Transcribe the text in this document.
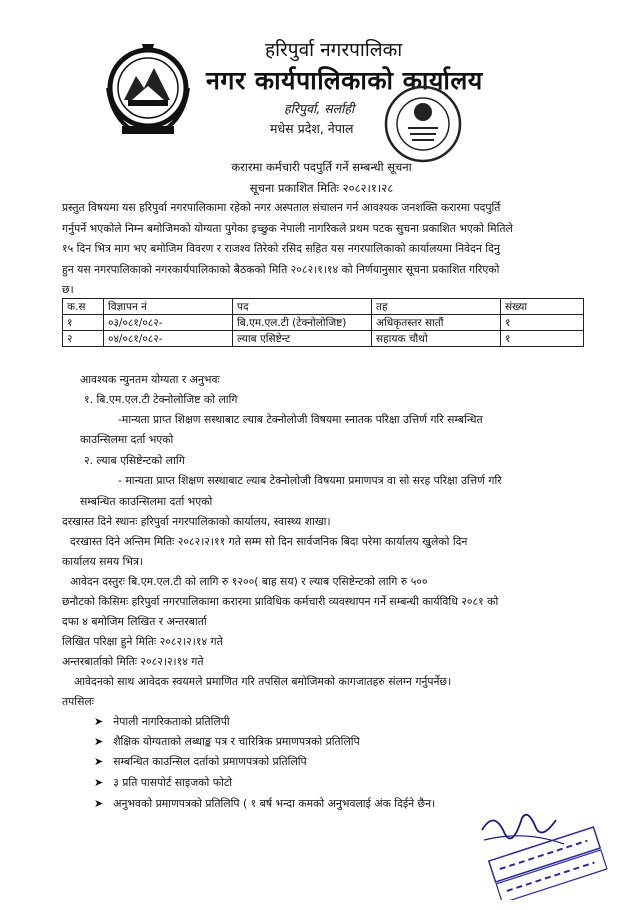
हरिपुर्वा नगरपालिका
नगर कार्यपालिकाको कार्यालय
हरिपुर्वा, सर्लाही
मधेस प्रदेश, नेपाल
करारमा कर्मचारी पदपुर्ति गर्ने सम्बन्धी सूचना
सूचना प्रकाशित मितिः २०८२।१।२८
प्रस्तुत विषयमा यस हरिपुर्वा नगरपालिकामा रहेको नगर अस्पताल संचालन गर्न आवश्यक जनशक्ति करारमा पदपुर्ति
गर्नुपर्ने भएकोले निम्न बमोजिमको योग्यता पुगेका इच्छुक नेपाली नागरिकले प्रथम पटक सुचना प्रकाशित भएको मितिले
१५ दिन भित्र माग भए बमोजिम विवरण र राजश्व तिरेको रसिद सहित यस नगरपालिकाको कार्यालयमा निवेदन दिनु
हुन यस नगरपालिकाको नगरकार्यपालिकाको बैठकको मिति २०८२।१।१४ को निर्णयानुसार सूचना प्रकाशित गरिएको
छ।
क.स	विज्ञापन नं	पद	तह	संख्या
१	०३/०८१/०८२-	बि.एम.एल.टी (टेक्नोलोजिष्ट)	अधिकृतस्तर सातौं	१
२	०४/०८१/०८२-	ल्याब एसिष्टेन्ट	सहायक चौथो	१
आवश्यक न्युनतम योग्यता र अनुभवः
१. बि.एम.एल.टी टेक्नोलोजिष्ट को लागि
-मान्यता प्राप्त शिक्षण सस्थाबाट ल्याब टेक्नोलोजी विषयमा स्नातक परिक्षा उत्तिर्ण गरि सम्बन्धित
काउन्सिलमा दर्ता भएको
२. ल्याब एसिष्टेन्टको लागि
- मान्यता प्राप्त शिक्षण सस्थाबाट ल्याब टेक्नोलोजी विषयमा प्रमाणपत्र वा सो सरह परिक्षा उत्तिर्ण गरि
सम्बन्धित काउन्सिलमा दर्ता भएको
दरखास्त दिने स्थानः हरिपुर्वा नगरपालिकाको कार्यालय, स्वास्थ्य शाखा।
दरखास्त दिने अन्तिम मितिः २०८२।२।११ गते सम्म सो दिन सार्वजनिक बिदा परेमा कार्यालय खुलेको दिन
कार्यालय समय भित्र।
आवेदन दस्तुरः बि.एम.एल.टी को लागि रु १२००( बाह सय) र ल्याब एसिष्टेन्टको लागि रु ५००
छनौटको किसिमः हरिपुर्वा नगरपालिकामा करारमा प्राविधिक कर्मचारी व्यवस्थापन गर्ने सम्बन्धी कार्यविधि २०८१ को
दफा ४ बमोजिम लिखित र अन्तरबार्ता
लिखित परिक्षा हुने मितिः २०८२।२।१४ गते
अन्तरबार्ताको मितिः २०८२।२।१४ गते
आवेदनको साथ आवेदक स्वयमले प्रमाणित गरि तपसिल बमोजिमको कागजातहरु संलग्न गर्नुपर्नेछ।
तपसिलः
➤ नेपाली नागरिकताको प्रतिलिपी
➤ शैक्षिक योग्यताको लब्धाङ्क पत्र र चारित्रिक प्रमाणपत्रको प्रतिलिपि
➤ सम्बन्धित काउन्सिल दर्ताको प्रमाणपत्रको प्रतिलिपि
➤ ३ प्रति पासपोर्ट साइजको फोटो
➤ अनुभवको प्रमाणपत्रको प्रतिलिपि ( १ बर्ष भन्दा कमको अनुभवलाई अंक दिईने छैन।
